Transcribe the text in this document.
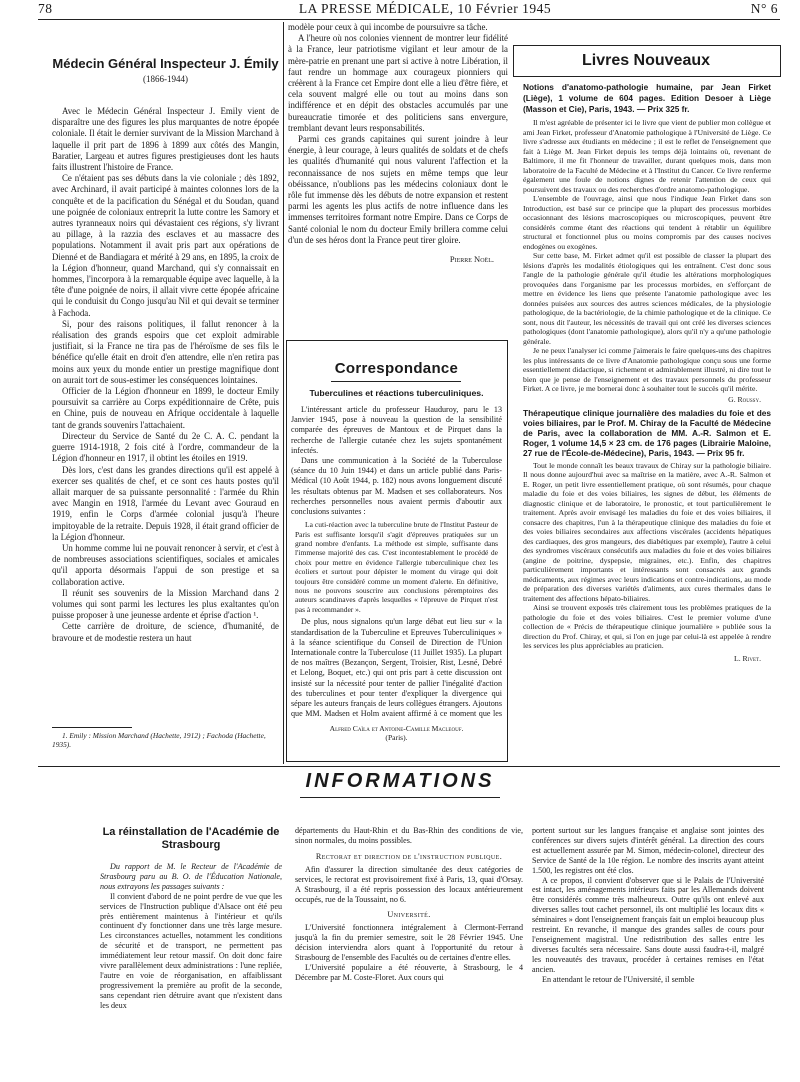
78	LA PRESSE MÉDICALE, 10 Février 1945	N° 6
Médecin Général Inspecteur J. Émily
(1866-1944)

Avec le Médecin Général Inspecteur J. Emily vient de disparaître une des figures les plus marquantes de notre épopée coloniale. Il était le dernier survivant de la Mission Marchand à laquelle il prit part de 1896 à 1899 aux côtés des Mangin, Baratier, Largeau et autres figures prestigieuses dont les hauts faits illustrent l'histoire de France.

Ce n'étaient pas ses débuts dans la vie coloniale ; dès 1892, avec Archinard, il avait participé à maintes colonnes lors de la conquête et de la pacification du Sénégal et du Soudan, quand une poignée de coloniaux entreprit la lutte contre les Samory et autres tyranneaux noirs qui dévastaient ces régions, s'y livrant au pillage, à la razzia des esclaves et au massacre des populations. Notamment il avait pris part aux opérations de Dienné et de Bandiagara et mérité à 29 ans, en 1895, la croix de la Légion d'honneur, quand Marchand, qui s'y connaissait en hommes, l'incorpora à la remarquable équipe avec laquelle, à la tête d'une poignée de noirs, il allait vivre cette épopée africaine qui le conduisit du Congo jusqu'au Nil et qui devait se terminer à Fachoda.

Si, pour des raisons politiques, il fallut renoncer à la réalisation des grands espoirs que cet exploit admirable justifiait, si la France ne tira pas de l'héroïsme de ses fils le bénéfice qu'elle était en droit d'en attendre, elle n'en retira pas moins aux yeux du monde entier un prestige magnifique dont on aurait tort de sous-estimer les conséquences lointaines.

Officier de la Légion d'honneur en 1899, le docteur Emily poursuivit sa carrière au Corps expéditionnaire de Crête, puis en Chine, puis de nouveau en Afrique occidentale à laquelle tant de grands souvenirs l'attachaient.

Directeur du Service de Santé du 2e C. A. C. pendant la guerre 1914-1918, 2 fois cité à l'ordre, commandeur de la Légion d'honneur en 1917, il obtint les étoiles en 1919.

Dès lors, c'est dans les grandes directions qu'il est appelé à exercer ses qualités de chef, et ce sont ces hauts postes qu'il allait marquer de sa puissante personnalité : l'armée du Rhin avec Mangin en 1918, l'armée du Levant avec Gouraud en 1919, enfin le Corps d'armée colonial jusqu'à l'heure impitoyable de la retraite. Depuis 1928, il était grand officier de la Légion d'honneur.

Un homme comme lui ne pouvait renoncer à servir, et c'est à de nombreuses associations scientifiques, sociales et amicales qu'il apporta désormais l'appui de son prestige et sa collaboration active.

Il réunit ses souvenirs de la Mission Marchand dans 2 volumes qui sont parmi les lectures les plus exaltantes qu'on puisse proposer à une jeunesse ardente et éprise d'action ¹.

Cette carrière de droiture, de science, d'humanité, de bravoure et de modestie restera un haut

1. Emily : Mission Marchand (Hachette, 1912) ; Fachoda (Hachette, 1935).

modèle pour ceux à qui incombe de poursuivre sa tâche.

A l'heure où nos colonies viennent de montrer leur fidélité à la France, leur patriotisme vigilant et leur amour de la mère-patrie en prenant une part si active à notre Libération, il faut rendre un hommage aux courageux pionniers qui créèrent à la France cet Empire dont elle a lieu d'être fière, et cela souvent malgré elle ou tout au moins dans son indifférence et en dépit des obstacles accumulés par une bureaucratie timorée et des politiciens sans envergure, tremblant devant leurs responsabilités.

Parmi ces grands capitaines qui surent joindre à leur énergie, à leur courage, à leurs qualités de soldats et de chefs les qualités d'humanité qui nous valurent l'affection et la reconnaissance de nos sujets en même temps que leur obéissance, n'oublions pas les médecins coloniaux dont le rôle fut immense dès les débuts de notre expansion et restent parmi les agents les plus actifs de notre influence dans les immenses territoires formant notre Empire. Dans ce Corps de Santé colonial le nom du docteur Emily brillera comme celui d'un de ses héros dont la France peut tirer gloire.

Pierre Noël.
Correspondance
Tuberculines et réactions tuberculiniques.

L'intéressant article du professeur Hauduroy, paru le 13 Janvier 1945, pose à nouveau la question de la sensibilité comparée des épreuves de Mantoux et de Pirquet dans la recherche de l'allergie cutanée chez les sujets spontanément infectés.

Dans une communication à la Société de la Tuberculose (séance du 10 Juin 1944) et dans un article publié dans Paris-Médical (10 Août 1944, p. 182) nous avons longuement discuté les résultats obtenus par M. Madsen et ses collaborateurs. Nos recherches personnelles nous avaient permis d'aboutir aux conclusions suivantes :

La cuti-réaction avec la tuberculine brute de l'Institut Pasteur de Paris est suffisante lorsqu'il s'agit d'épreuves pratiquées sur un grand nombre d'enfants. La méthode est simple, suffisante dans l'immense majorité des cas. C'est incontestablement le procédé de choix pour mettre en évidence l'allergie tuberculinique chez les écoliers et surtout pour dépister le moment du virage qui doit toujours être considéré comme un moment d'alerte. En définitive, nous ne pouvons souscrire aux conclusions péremptoires des auteurs scandinaves d'après lesquelles « l'épreuve de Pirquet n'est pas à recommander ».

De plus, nous signalons qu'un large débat eut lieu sur « la standardisation de la Tuberculine et Epreuves Tuberculiniques » à la séance scientifique du Conseil de Direction de l'Union Internationale contre la Tuberculose (11 Juillet 1935). La plupart de nos maîtres (Bezançon, Sergent, Troisier, Rist, Lesné, Debré et Lelong, Boquet, etc.) qui ont pris part à cette discussion ont insisté sur la nécessité pour tenter de pallier l'inégalité d'action des tuberculines et pour tenter d'expliquer la divergence qui sépare les auteurs français de leurs collègues étrangers. Ajoutons que MM. Madsen et Holm avaient affirmé à ce moment que les

Alfred Caïla et Antoine-Camille Macleouf.
(Paris).
Livres Nouveaux
Notions d'anatomo-pathologie humaine, par Jean Firket (Liège), 1 volume de 604 pages. Edition Desoer à Liège (Masson et Cie), Paris, 1943. — Prix 325 fr.

Il m'est agréable de présenter ici le livre que vient de publier mon collègue et ami Jean Firket, professeur d'Anatomie pathologique à l'Université de Liège. Ce livre s'adresse aux étudiants en médecine ; il est le reflet de l'enseignement que fait à Liège M. Jean Firket depuis les temps déjà lointains où, revenant de Baltimore, il me fit l'honneur de travailler, durant quelques mois, dans mon laboratoire de la Faculté de Médecine et à l'Institut du Cancer. Ce livre renferme également une foule de notions dignes de retenir l'attention de ceux qui poursuivent des travaux ou des recherches d'ordre anatomo-pathologique.

L'ensemble de l'ouvrage, ainsi que nous l'indique Jean Firket dans son Introduction, est basé sur ce principe que la plupart des processus morbides occasionnant des lésions macroscopiques ou microscopiques, peuvent être considérés comme étant des réactions qui tendent à rétablir un équilibre structural et fonctionnel plus ou moins compromis par des causes nocives endogènes ou exogènes.

Sur cette base, M. Firket admet qu'il est possible de classer la plupart des lésions d'après les modalités étiologiques qui les entraînent. C'est donc sous l'angle de la pathologie générale qu'il étudie les altérations morphologiques provoquées dans l'organisme par les processus morbides, en s'efforçant de mettre en évidence les liens que présente l'anatomie pathologique avec les données puisées aux sources des autres sciences médicales, de la physiologie pathologique, de la bactériologie, de la chimie pathologique et de la clinique. Ce sont, nous dit l'auteur, les nécessités de travail qui ont créé les diverses sciences pathologiques (dont l'anatomie pathologique), alors qu'il n'y a qu'une pathologie générale.

Je ne peux l'analyser ici comme j'aimerais le faire quelques-uns des chapitres les plus intéressants de ce livre d'Anatomie pathologique conçu sous une forme essentiellement didactique, si richement et admirablement illustré, ni dire tout le bien que je pense de l'enseignement et des travaux personnels du professeur Firket. A ce livre, je me bornerai donc à souhaiter tout le succès qu'il mérite.

G. Roussy.
Thérapeutique clinique journalière des maladies du foie et des voies biliaires, par le Prof. M. Chiray de la Faculté de Médecine de Paris, avec la collaboration de MM. A.-R. Salmon et E. Roger, 1 volume 14,5 × 23 cm. de 176 pages (Librairie Maloine, 27 rue de l'École-de-Médecine), Paris, 1943. — Prix 95 fr.

Tout le monde connaît les beaux travaux de Chiray sur la pathologie biliaire. Il nous donne aujourd'hui avec sa maîtrise en la matière, avec A.-R. Salmon et E. Roger, un petit livre essentiellement pratique, où sont résumés, pour chaque maladie du foie et des voies biliaires, les signes de début, les éléments de diagnostic clinique et de laboratoire, le pronostic, et tout particulièrement le traitement. Après avoir envisagé les maladies du foie et des voies biliaires, il consacre des chapitres, l'un à la thérapeutique clinique des maladies du foie et des voies biliaires secondaires aux affections viscérales (accidents hépatiques des cardiaques, des gros mangeurs, des diabétiques par exemple), l'autre à celui des syndromes viscéraux consécutifs aux maladies du foie et des voies biliaires (angine de poitrine, dyspepsie, migraines, etc.). Enfin, des chapitres particulièrement importants et intéressants sont consacrés aux grands médicaments, aux régimes avec leurs indications et contre-indications, au mode de préparation des diverses variétés d'aliments, aux cures thermales dans le traitement des affections hépato-biliaires.

Ainsi se trouvent exposés très clairement tous les problèmes pratiques de la pathologie du foie et des voies biliaires. C'est le premier volume d'une collection de « Précis de thérapeutique clinique journalière » publiée sous la direction du Prof. Chiray, et qui, si l'on en juge par celui-là est appelée à rendre les services les plus appréciables au praticien.

L. Rivet.
INFORMATIONS
La réinstallation de l'Académie de Strasbourg

Du rapport de M. le Recteur de l'Académie de Strasbourg paru au B. O. de l'Éducation Nationale, nous extrayons les passages suivants :

Il convient d'abord de ne point perdre de vue que les services de l'Instruction publique d'Alsace ont été peu près entièrement maintenus à l'intérieur et qu'ils continuent d'y fonctionner dans une très large mesure. Les circonstances actuelles, notamment les conditions de sécurité et de transport, ne permettent pas immédiatement leur retour massif. On doit donc faire vivre parallèlement deux administrations : l'une repliée, l'autre en voie de réorganisation, en affaiblissant progressivement la première au profit de la seconde, sans cependant rien détruire avant que n'existent dans les deux

départements du Haut-Rhin et du Bas-Rhin des conditions de vie, sinon normales, du moins possibles.

Rectorat et direction de l'instruction publique.

Afin d'assurer la direction simultanée des deux catégories de services, le rectorat est provisoirement fixé à Paris, 13, quai d'Orsay. A Strasbourg, il a été repris possession des locaux antérieurement occupés, rue de la Toussaint, no 6.

Université.

L'Université fonctionnera intégralement à Clermont-Ferrand jusqu'à la fin du premier semestre, soit le 28 Février 1945. Une décision interviendra alors quant à l'opportunité du retour à Strasbourg de l'ensemble des Facultés ou de certaines d'entre elles.

L'Université populaire a été réouverte, à Strasbourg, le 4 Décembre par M. Coste-Floret. Aux cours qui

portent surtout sur les langues française et anglaise sont jointes des conférences sur divers sujets d'intérêt général. La direction des cours est actuellement assurée par M. Simon, médecin-colonel, directeur des Service de Santé de la 10e région. Le nombre des inscrits ayant atteint 1.500, les registres ont été clos.

A ce propos, il convient d'observer que si le Palais de l'Université est intact, les aménagements intérieurs faits par les Allemands doivent être considérés comme très malheureux. Outre qu'ils ont enlevé aux diverses salles tout cachet personnel, ils ont multiplié les locaux dits « séminaires » dont l'enseignement français fait un emploi beaucoup plus restreint. En revanche, il manque des grandes salles de cours pour l'enseignement magistral. Une redistribution des salles entre les diverses facultés sera nécessaire. Sans doute aussi faudra-t-il, malgré les nouveautés des travaux, procéder à certaines remises en l'état ancien.

En attendant le retour de l'Université, il semble
